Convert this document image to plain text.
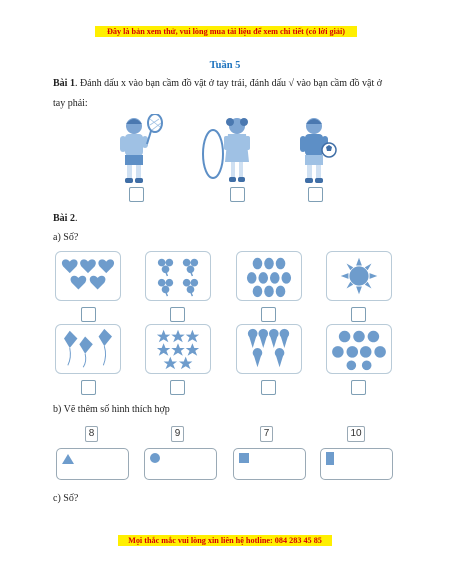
Đây là bản xem thử, vui lòng mua tài liệu để xem chi tiết (có lời giải)
Tuần 5
Bài 1. Đánh dấu x vào bạn cầm đồ vật ở tay trái, đánh dấu √ vào bạn cầm đồ vật ở
tay phải:
Bài 2.
a) Số?
b) Vẽ thêm số hình thích hợp
8	9	7	10
c) Số?
Mọi thắc mắc vui lòng xin liên hệ hotline: 084 283 45 85
